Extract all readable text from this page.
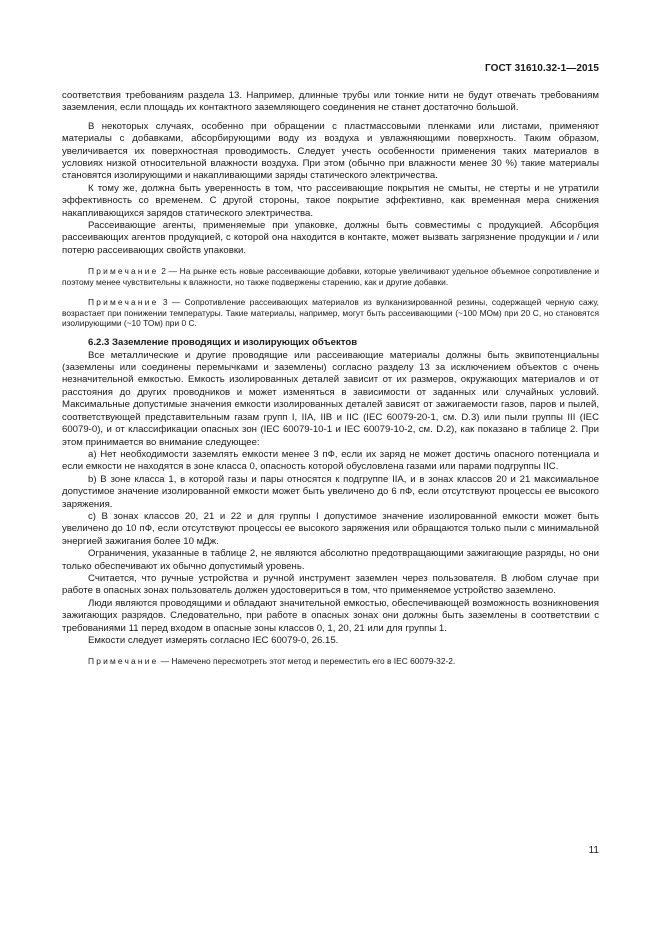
ГОСТ 31610.32-1—2015

соответствия требованиям раздела 13. Например, длинные трубы или тонкие нити не будут отвечать требованиям заземления, если площадь их контактного заземляющего соединения не станет достаточно большой.

В некоторых случаях, особенно при обращении с пластмассовыми пленками или листами, применяют материалы с добавками, абсорбирующими воду из воздуха и увлажняющими поверхность. Таким образом, увеличивается их поверхностная проводимость. Следует учесть особенности применения таких материалов в условиях низкой относительной влажности воздуха. При этом (обычно при влажности менее 30 %) такие материалы становятся изолирующими и накапливающими заряды статического электричества.

К тому же, должна быть уверенность в том, что рассеивающие покрытия не смыты, не стерты и не утратили эффективность со временем. С другой стороны, такое покрытие эффективно, как временная мера снижения накапливающихся зарядов статического электричества.

Рассеивающие агенты, применяемые при упаковке, должны быть совместимы с продукцией. Абсорбция рассеивающих агентов продукцией, с которой она находится в контакте, может вызвать загрязнение продукции и / или потерю рассеивающих свойств упаковки.

Примечание 2 — На рынке есть новые рассеивающие добавки, которые увеличивают удельное объемное сопротивление и поэтому менее чувствительны к влажности, но также подвержены старению, как и другие добавки.

Примечание 3 — Сопротивление рассеивающих материалов из вулканизированной резины, содержащей черную сажу, возрастает при понижении температуры. Такие материалы, например, могут быть рассеивающими (~100 МОм) при 20 С, но становятся изолирующими (~10 ТОм) при 0 С.

6.2.3 Заземление проводящих и изолирующих объектов

Все металлические и другие проводящие или рассеивающие материалы должны быть эквипотенциальны (заземлены или соединены перемычками и заземлены) согласно разделу 13 за исключением объектов с очень незначительной емкостью. Емкость изолированных деталей зависит от их размеров, окружающих материалов и от расстояния до других проводников и может изменяться в зависимости от заданных или случайных условий. Максимальные допустимые значения емкости изолированных деталей зависят от зажигаемости газов, паров и пылей, соответствующей представительным газам групп I, IIA, IIB и IIC (IEC 60079-20-1, см. D.3) или пыли группы III (IEC 60079-0), и от классификации опасных зон (IEC 60079-10-1 и IEC 60079-10-2, см. D.2), как показано в таблице 2. При этом принимается во внимание следующее:

а) Нет необходимости заземлять емкости менее 3 пФ, если их заряд не может достичь опасного потенциала и если емкости не находятся в зоне класса 0, опасность которой обусловлена газами или парами подгруппы IIC.

b) В зоне класса 1, в которой газы и пары относятся к подгруппе IIA, и в зонах классов 20 и 21 максимальное допустимое значение изолированной емкости может быть увеличено до 6 пФ, если отсутствуют процессы ее высокого заряжения.

с) В зонах классов 20, 21 и 22 и для группы I допустимое значение изолированной емкости может быть увеличено до 10 пФ, если отсутствуют процессы ее высокого заряжения или обращаются только пыли с минимальной энергией зажигания более 10 мДж.

Ограничения, указанные в таблице 2, не являются абсолютно предотвращающими зажигающие разряды, но они только обеспечивают их обычно допустимый уровень.

Считается, что ручные устройства и ручной инструмент заземлен через пользователя. В любом случае при работе в опасных зонах пользователь должен удостовериться в том, что применяемое устройство заземлено.

Люди являются проводящими и обладают значительной емкостью, обеспечивающей возможность возникновения зажигающих разрядов. Следовательно, при работе в опасных зонах они должны быть заземлены в соответствии с требованиями 11 перед входом в опасные зоны классов 0, 1, 20, 21 или для группы 1.

Емкости следует измерять согласно IEC 60079-0, 26.15.

Примечание — Намечено пересмотреть этот метод и переместить его в IEC 60079-32-2.

11
